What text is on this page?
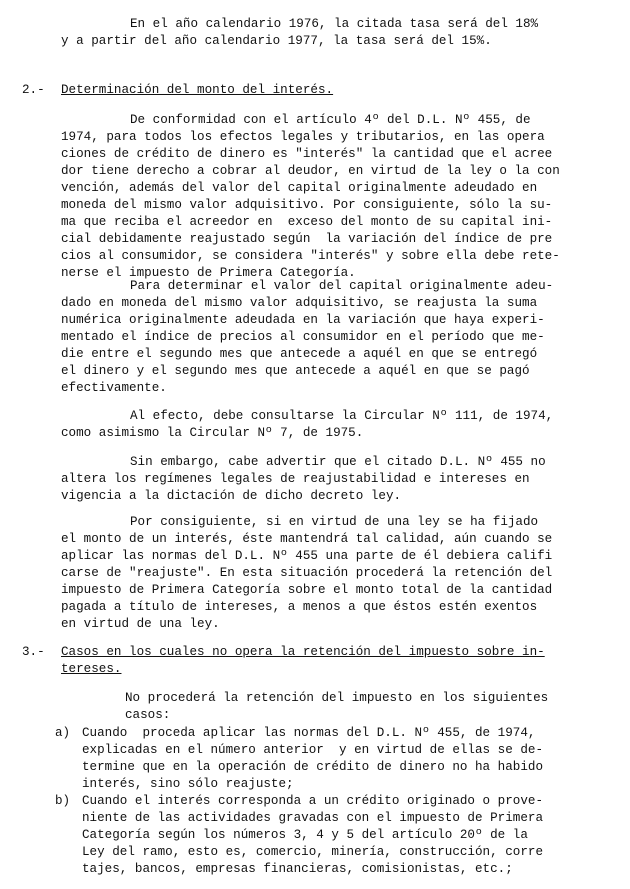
En el año calendario 1976, la citada tasa será del 18%
y a partir del año calendario 1977, la tasa será del 15%.
2.- Determinación del monto del interés.
De conformidad con el artículo 4º del D.L. Nº 455, de
1974, para todos los efectos legales y tributarios, en las opera
ciones de crédito de dinero es "interés" la cantidad que el acree
dor tiene derecho a cobrar al deudor, en virtud de la ley o la con
vención, además del valor del capital originalmente adeudado en
moneda del mismo valor adquisitivo. Por consiguiente, sólo la su-
ma que reciba el acreedor en  exceso del monto de su capital ini-
cial debidamente reajustado según  la variación del índice de pre
cios al consumidor, se considera "interés" y sobre ella debe rete-
nerse el impuesto de Primera Categoría.
Para determinar el valor del capital originalmente adeu-
dado en moneda del mismo valor adquisitivo, se reajusta la suma
numérica originalmente adeudada en la variación que haya experi-
mentado el índice de precios al consumidor en el período que me-
die entre el segundo mes que antecede a aquél en que se entregó
el dinero y el segundo mes que antecede a aquél en que se pagó
efectivamente.
Al efecto, debe consultarse la Circular Nº 111, de 1974,
como asimismo la Circular Nº 7, de 1975.
Sin embargo, cabe advertir que el citado D.L. Nº 455 no
altera los regímenes legales de reajustabilidad e intereses en
vigencia a la dictación de dicho decreto ley.
Por consiguiente, si en virtud de una ley se ha fijado
el monto de un interés, éste mantendrá tal calidad, aún cuando se
aplicar las normas del D.L. Nº 455 una parte de él debiera califi
carse de "reajuste". En esta situación procederá la retención del
impuesto de Primera Categoría sobre el monto total de la cantidad
pagada a título de intereses, a menos a que éstos estén exentos
en virtud de una ley.
3.- Casos en los cuales no opera la retención del impuesto sobre in-
tereses.
No procederá la retención del impuesto en los siguientes
casos:
a) Cuando  proceda aplicar las normas del D.L. Nº 455, de 1974,
explicadas en el número anterior  y en virtud de ellas se de-
termine que en la operación de crédito de dinero no ha habido
interés, sino sólo reajuste;
b) Cuando el interés corresponda a un crédito originado o prove-
niente de las actividades gravadas con el impuesto de Primera
Categoría según los números 3, 4 y 5 del artículo 20º de la
Ley del ramo, esto es, comercio, minería, construcción, corre
tajes, bancos, empresas financieras, comisionistas, etc.;
